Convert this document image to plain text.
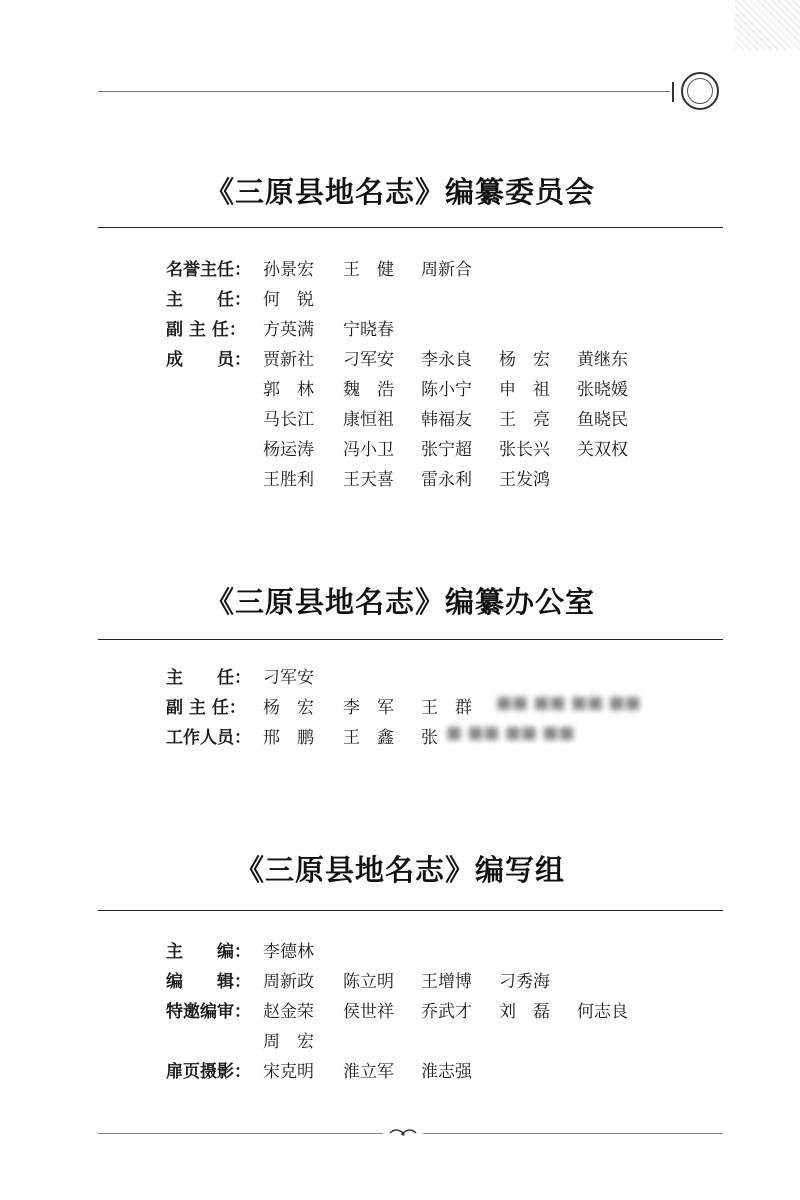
《三原县地名志》编纂委员会
名誉主任： 孙景宏 王　健 周新合
主　　任： 何　锐
副 主 任： 方英满 宁晓春
成　　员： 贾新社 刁军安 李永良 杨　宏 黄继东
郭　林 魏　浩 陈小宁 申　祖 张晓媛
马长江 康恒祖 韩福友 王　亮 鱼晓民
杨运涛 冯小卫 张宁超 张长兴 关双权
王胜利 王天喜 雷永利 王发鸿
《三原县地名志》编纂办公室
主　　任： 刁军安
副 主 任： 杨　宏 李　军 王　群 ■■ ■■ ■■ ■■
工作人员： 邢　鹏 王　鑫 张 ■ ■■ ■■ ■■
《三原县地名志》编写组
主　　编： 李德林
编　　辑： 周新政 陈立明 王增博 刁秀海
特邀编审： 赵金荣 侯世祥 乔武才 刘　磊 何志良
周　宏
扉页摄影： 宋克明 淮立军 淮志强
